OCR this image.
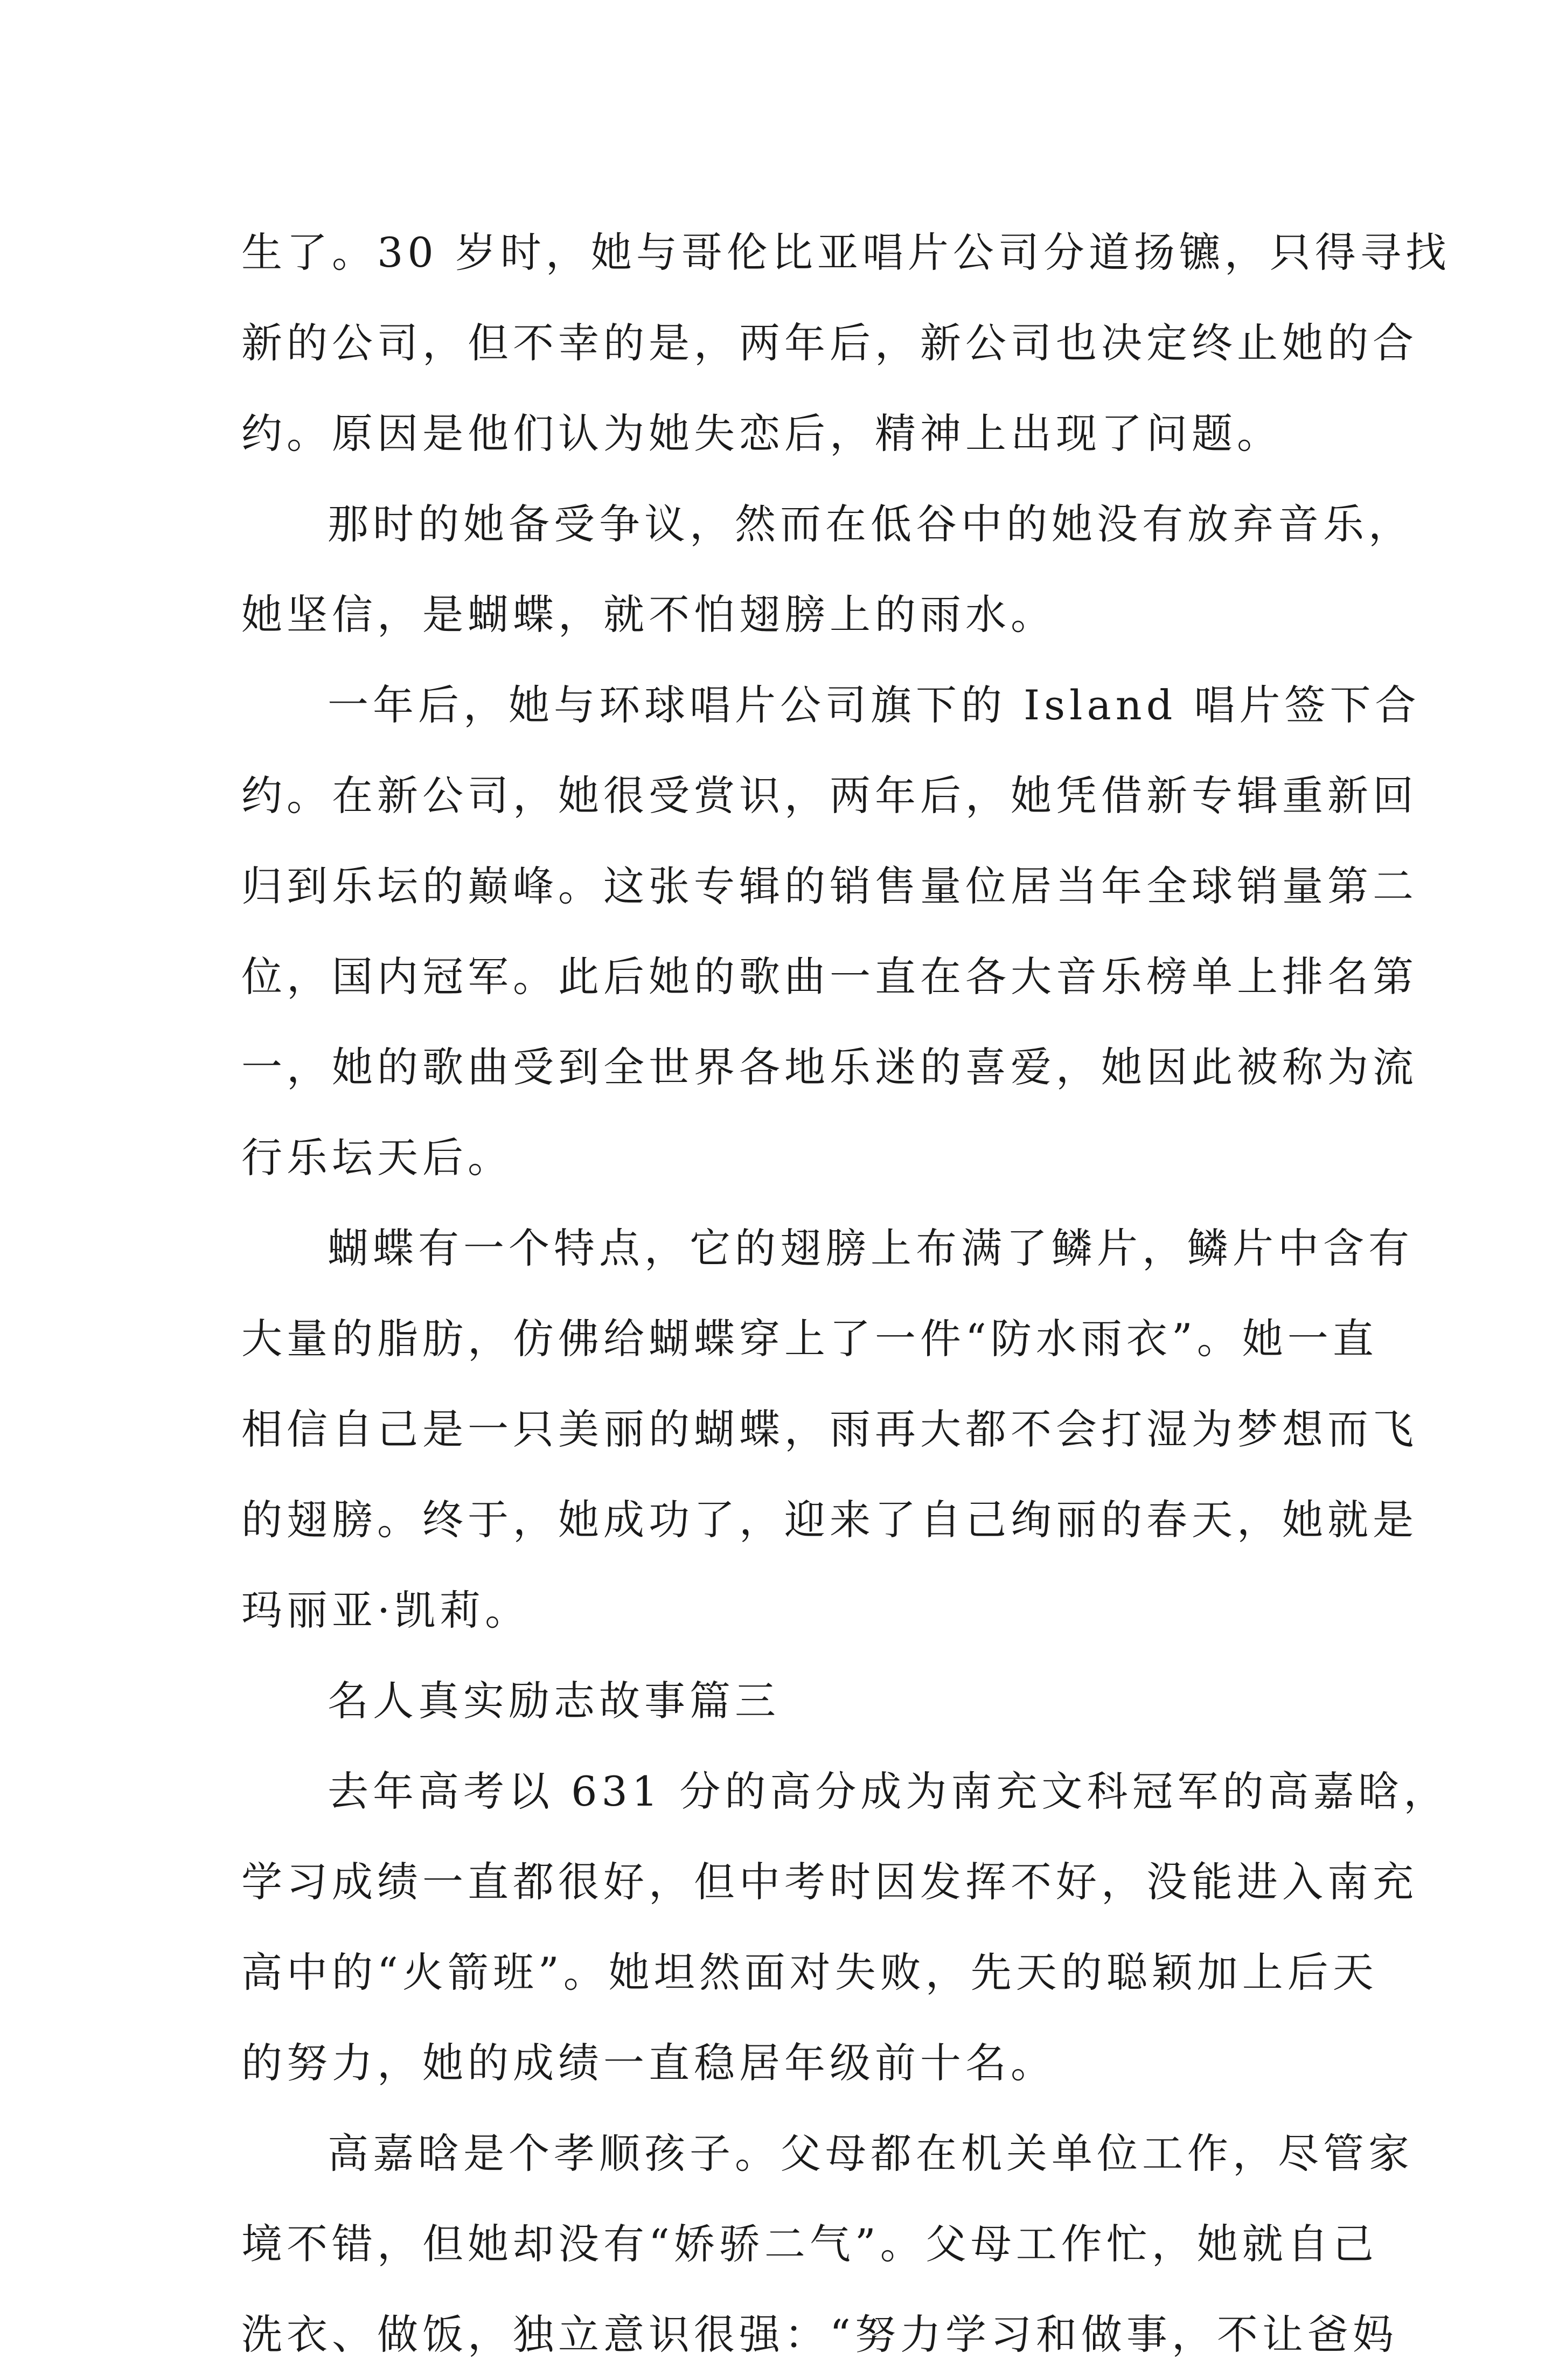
生了。30 岁时，她与哥伦比亚唱片公司分道扬镳，只得寻找
新的公司，但不幸的是，两年后，新公司也决定终止她的合
约。原因是他们认为她失恋后，精神上出现了问题。
那时的她备受争议，然而在低谷中的她没有放弃音乐，
她坚信，是蝴蝶，就不怕翅膀上的雨水。
一年后，她与环球唱片公司旗下的 Island 唱片签下合
约。在新公司，她很受赏识，两年后，她凭借新专辑重新回
归到乐坛的巅峰。这张专辑的销售量位居当年全球销量第二
位，国内冠军。此后她的歌曲一直在各大音乐榜单上排名第
一，她的歌曲受到全世界各地乐迷的喜爱，她因此被称为流
行乐坛天后。
蝴蝶有一个特点，它的翅膀上布满了鳞片，鳞片中含有
大量的脂肪，仿佛给蝴蝶穿上了一件“防水雨衣”。她一直
相信自己是一只美丽的蝴蝶，雨再大都不会打湿为梦想而飞
的翅膀。终于，她成功了，迎来了自己绚丽的春天，她就是
玛丽亚·凯莉。
名人真实励志故事篇三
去年高考以 631 分的高分成为南充文科冠军的高嘉晗，
学习成绩一直都很好，但中考时因发挥不好，没能进入南充
高中的“火箭班”。她坦然面对失败，先天的聪颖加上后天
的努力，她的成绩一直稳居年级前十名。
高嘉晗是个孝顺孩子。父母都在机关单位工作，尽管家
境不错，但她却没有“娇骄二气”。父母工作忙，她就自己
洗衣、做饭，独立意识很强：“努力学习和做事，不让爸妈
